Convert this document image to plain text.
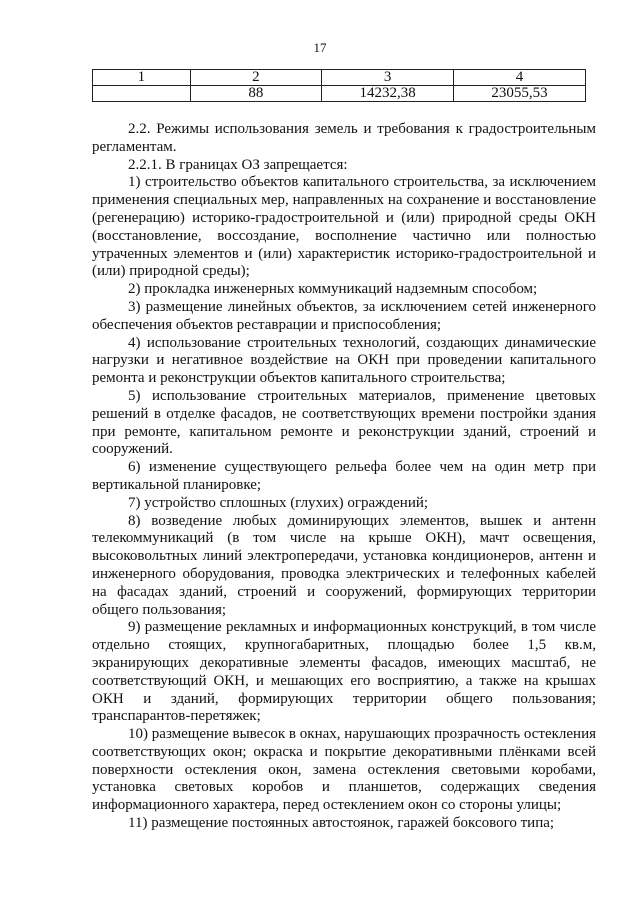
17
1	2	3	4
	88	14232,38	23055,53

2.2. Режимы использования земель и требования к градостроительным регламентам.

2.2.1. В границах ОЗ запрещается:

1) строительство объектов капитального строительства, за исключением применения специальных мер, направленных на сохранение и восстановление (регенерацию) историко-градостроительной и (или) природной среды ОКН (восстановление, воссоздание, восполнение частично или полностью утраченных элементов и (или) характеристик историко-градостроительной и (или) природной среды);

2) прокладка инженерных коммуникаций надземным способом;

3) размещение линейных объектов, за исключением сетей инженерного обеспечения объектов реставрации и приспособления;

4) использование строительных технологий, создающих динамические нагрузки и негативное воздействие на ОКН при проведении капитального ремонта и реконструкции объектов капитального строительства;

5) использование строительных материалов, применение цветовых решений в отделке фасадов, не соответствующих времени постройки здания при ремонте, капитальном ремонте и реконструкции зданий, строений и сооружений.

6) изменение существующего рельефа более чем на один метр при вертикальной планировке;

7) устройство сплошных (глухих) ограждений;

8) возведение любых доминирующих элементов, вышек и антенн телекоммуникаций (в том числе на крыше ОКН), мачт освещения, высоковольтных линий электропередачи, установка кондиционеров, антенн и инженерного оборудования, проводка электрических и телефонных кабелей на фасадах зданий, строений и сооружений, формирующих территории общего пользования;

9) размещение рекламных и информационных конструкций, в том числе отдельно стоящих, крупногабаритных, площадью более 1,5 кв.м, экранирующих декоративные элементы фасадов, имеющих масштаб, не соответствующий ОКН, и мешающих его восприятию, а также на крышах ОКН и зданий, формирующих территории общего пользования; транспарантов-перетяжек;

10) размещение вывесок в окнах, нарушающих прозрачность остекления соответствующих окон; окраска и покрытие декоративными плёнками всей поверхности остекления окон, замена остекления световыми коробами, установка световых коробов и планшетов, содержащих сведения информационного характера, перед остеклением окон со стороны улицы;

11) размещение постоянных автостоянок, гаражей боксового типа;
